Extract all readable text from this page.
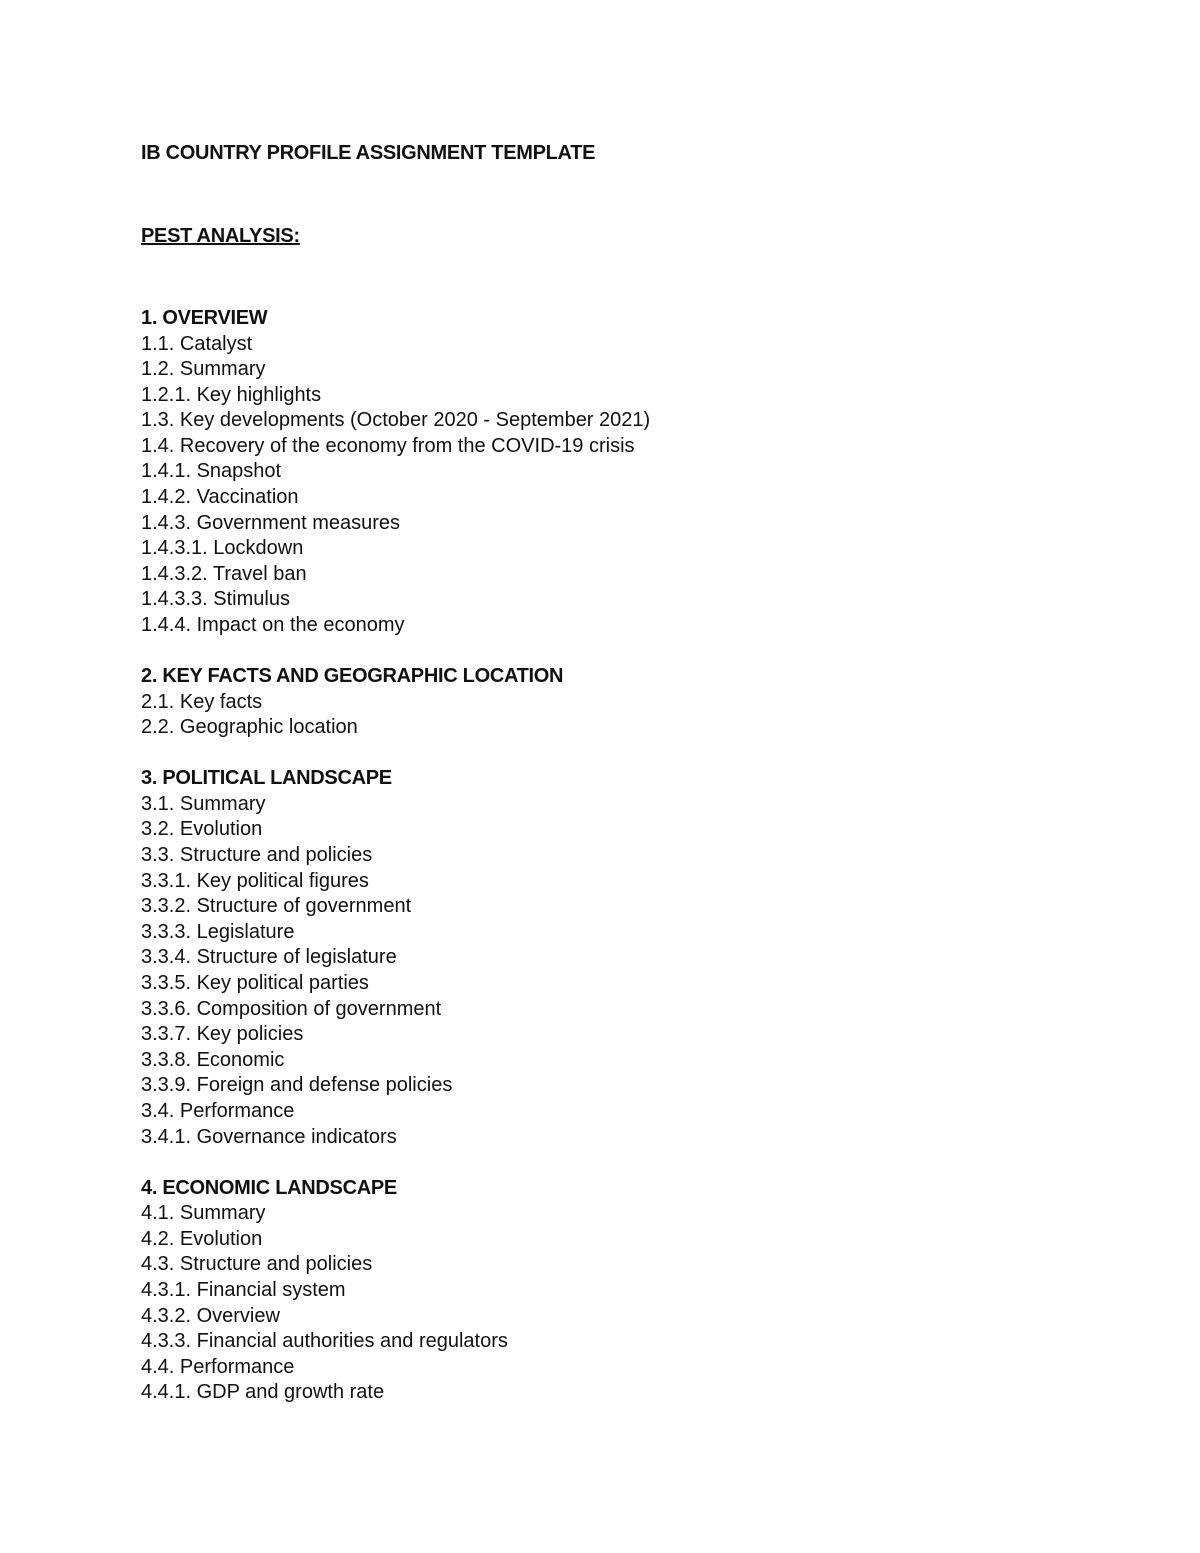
IB COUNTRY PROFILE ASSIGNMENT TEMPLATE
PEST ANALYSIS:
1. OVERVIEW
1.1. Catalyst
1.2. Summary
1.2.1. Key highlights
1.3. Key developments (October 2020 - September 2021)
1.4. Recovery of the economy from the COVID-19 crisis
1.4.1. Snapshot
1.4.2. Vaccination
1.4.3. Government measures
1.4.3.1. Lockdown
1.4.3.2. Travel ban
1.4.3.3. Stimulus
1.4.4. Impact on the economy
2. KEY FACTS AND GEOGRAPHIC LOCATION
2.1. Key facts
2.2. Geographic location
3. POLITICAL LANDSCAPE
3.1. Summary
3.2. Evolution
3.3. Structure and policies
3.3.1. Key political figures
3.3.2. Structure of government
3.3.3. Legislature
3.3.4. Structure of legislature
3.3.5. Key political parties
3.3.6. Composition of government
3.3.7. Key policies
3.3.8. Economic
3.3.9. Foreign and defense policies
3.4. Performance
3.4.1. Governance indicators
4. ECONOMIC LANDSCAPE
4.1. Summary
4.2. Evolution
4.3. Structure and policies
4.3.1. Financial system
4.3.2. Overview
4.3.3. Financial authorities and regulators
4.4. Performance
4.4.1. GDP and growth rate
